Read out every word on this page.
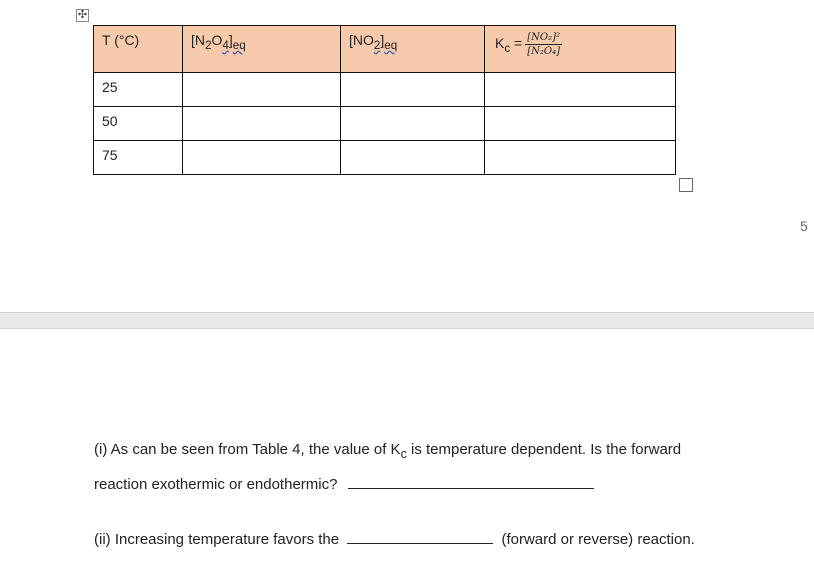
✣
T (°C)	$[N_2O_4]_{eq}$	$[NO_2]_{eq}$	$K_c = \frac{\text{[NO₂]²}}{\text{[N₂O₄]}}$

25			
50			
75			
5
(i) As can be seen from Table 4, the value of $K_c$ is temperature dependent. Is the forward
reaction exothermic or endothermic?
(ii) Increasing temperature favors the	(forward or reverse) reaction.
